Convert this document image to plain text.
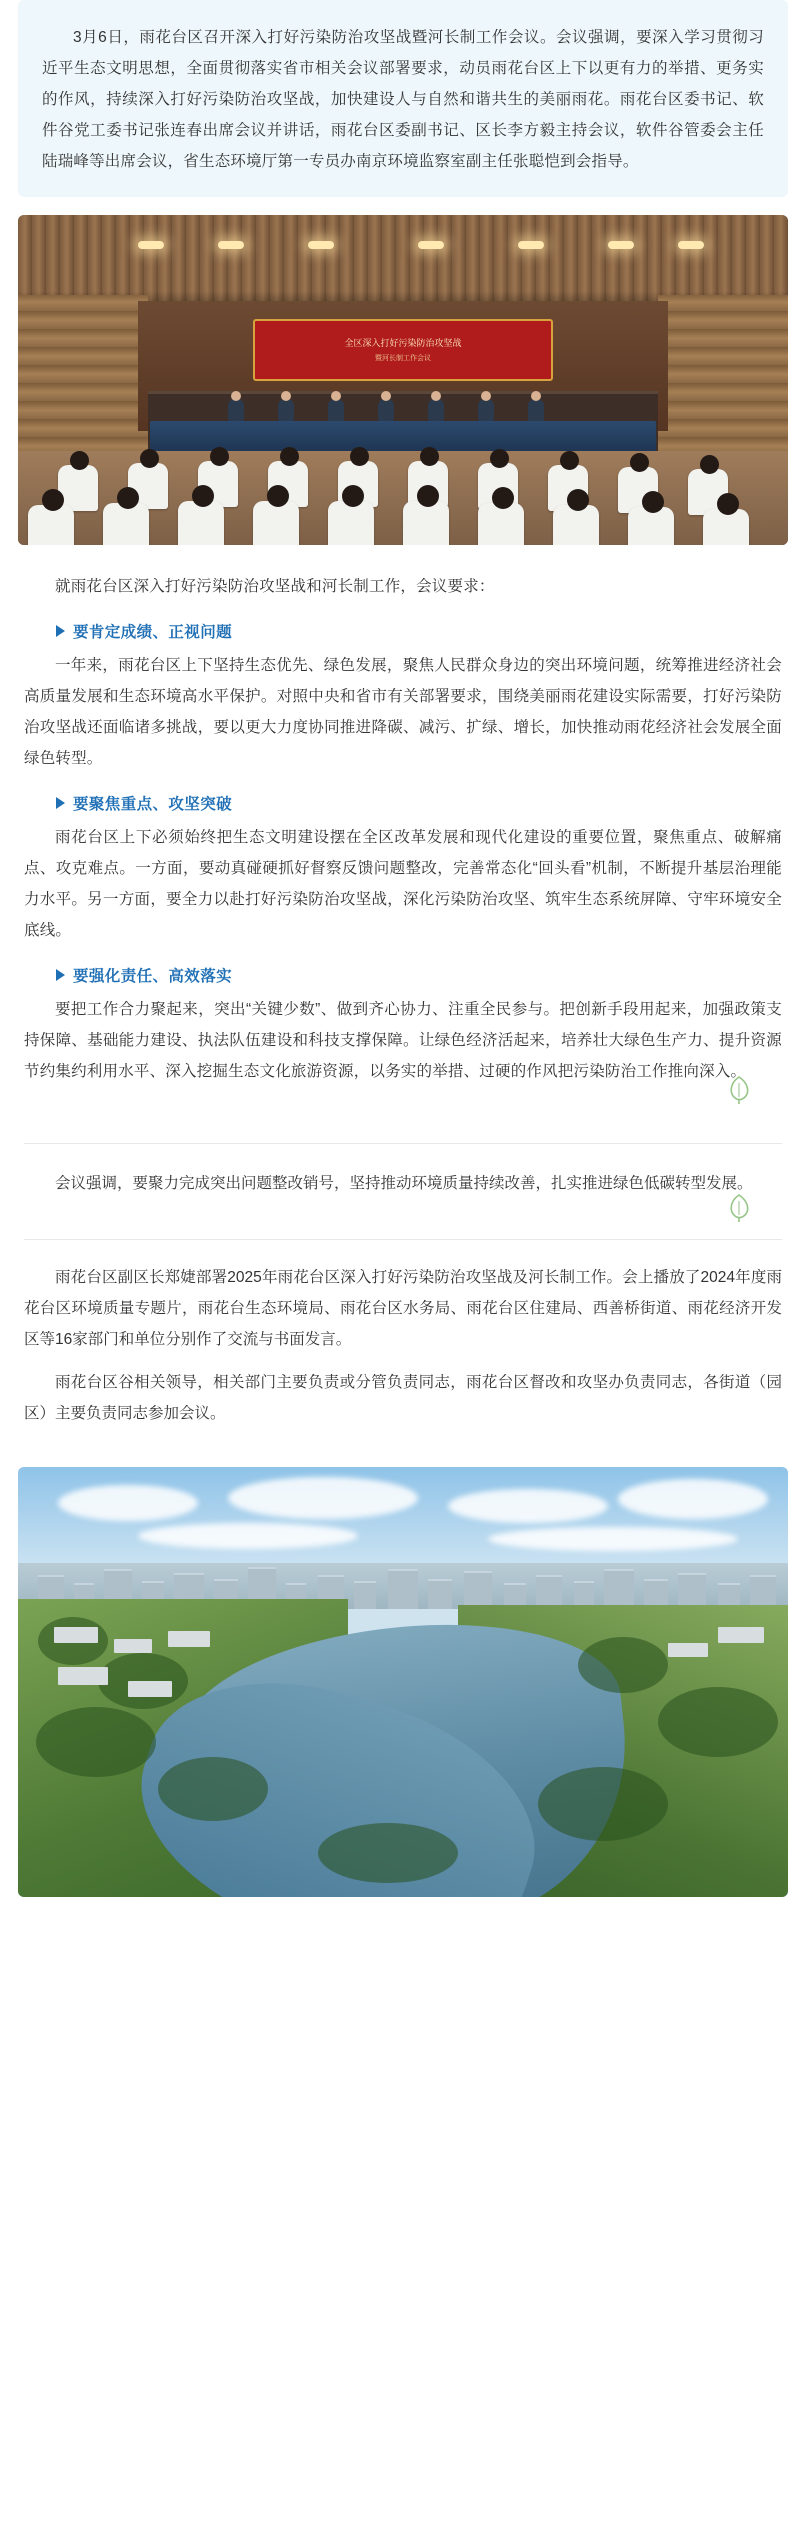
3月6日，雨花台区召开深入打好污染防治攻坚战暨河长制工作会议。会议强调，要深入学习贯彻习近平生态文明思想，全面贯彻落实省市相关会议部署要求，动员雨花台区上下以更有力的举措、更务实的作风，持续深入打好污染防治攻坚战，加快建设人与自然和谐共生的美丽雨花。雨花台区委书记、软件谷党工委书记张连春出席会议并讲话，雨花台区委副书记、区长李方毅主持会议，软件谷管委会主任陆瑞峰等出席会议，省生态环境厅第一专员办南京环境监察室副主任张聪恺到会指导。

全区深入打好污染防治攻坚战
暨河长制工作会议

就雨花台区深入打好污染防治攻坚战和河长制工作，会议要求：

要肯定成绩、正视问题

一年来，雨花台区上下坚持生态优先、绿色发展，聚焦人民群众身边的突出环境问题，统筹推进经济社会高质量发展和生态环境高水平保护。对照中央和省市有关部署要求，围绕美丽雨花建设实际需要，打好污染防治攻坚战还面临诸多挑战，要以更大力度协同推进降碳、减污、扩绿、增长，加快推动雨花经济社会发展全面绿色转型。

要聚焦重点、攻坚突破

雨花台区上下必须始终把生态文明建设摆在全区改革发展和现代化建设的重要位置，聚焦重点、破解痛点、攻克难点。一方面，要动真碰硬抓好督察反馈问题整改，完善常态化“回头看”机制，不断提升基层治理能力水平。另一方面，要全力以赴打好污染防治攻坚战，深化污染防治攻坚、筑牢生态系统屏障、守牢环境安全底线。

要强化责任、高效落实

要把工作合力聚起来，突出“关键少数”、做到齐心协力、注重全民参与。把创新手段用起来，加强政策支持保障、基础能力建设、执法队伍建设和科技支撑保障。让绿色经济活起来，培养壮大绿色生产力、提升资源节约集约利用水平、深入挖掘生态文化旅游资源，以务实的举措、过硬的作风把污染防治工作推向深入。

会议强调，要聚力完成突出问题整改销号，坚持推动环境质量持续改善，扎实推进绿色低碳转型发展。

雨花台区副区长郑婕部署2025年雨花台区深入打好污染防治攻坚战及河长制工作。会上播放了2024年度雨花台区环境质量专题片，雨花台生态环境局、雨花台区水务局、雨花台区住建局、西善桥街道、雨花经济开发区等16家部门和单位分别作了交流与书面发言。

雨花台区谷相关领导，相关部门主要负责或分管负责同志，雨花台区督改和攻坚办负责同志，各街道（园区）主要负责同志参加会议。
